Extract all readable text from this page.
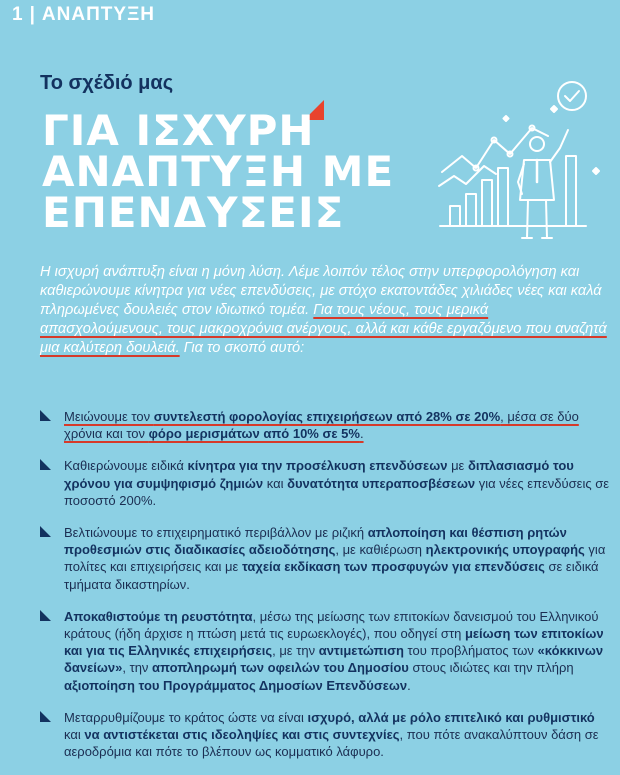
1 | ΑΝΑΠΤΥΞΗ
Το σχέδιό μας
ΓΙΑ ΙΣΧΥΡΗ
ΑΝΑΠΤΥΞΗ ΜΕ
ΕΠΕΝΔΥΣΕΙΣ
Η ισχυρή ανάπτυξη είναι η μόνη λύση. Λέμε λοιπόν τέλος στην υπερφορολόγηση και καθιερώνουμε κίνητρα για νέες επενδύσεις, με στόχο εκατοντάδες χιλιάδες νέες και καλά πληρωμένες δουλειές στον ιδιωτικό τομέα. Για τους νέους, τους μερικά απασχολούμενους, τους μακροχρόνια ανέργους, αλλά και κάθε εργαζόμενο που αναζητά μια καλύτερη δουλειά. Για το σκοπό αυτό:
Μειώνουμε τον συντελεστή φορολογίας επιχειρήσεων από 28% σε 20%, μέσα σε δύο χρόνια και τον φόρο μερισμάτων από 10% σε 5%.
Καθιερώνουμε ειδικά κίνητρα για την προσέλκυση επενδύσεων με διπλασιασμό του χρόνου για συμψηφισμό ζημιών και δυνατότητα υπεραποσβέσεων για νέες επενδύσεις σε ποσοστό 200%.
Βελτιώνουμε το επιχειρηματικό περιβάλλον με ριζική απλοποίηση και θέσπιση ρητών προθεσμιών στις διαδικασίες αδειοδότησης, με καθιέρωση ηλεκτρονικής υπογραφής για πολίτες και επιχειρήσεις και με ταχεία εκδίκαση των προσφυγών για επενδύσεις σε ειδικά τμήματα δικαστηρίων.
Αποκαθιστούμε τη ρευστότητα, μέσω της μείωσης των επιτοκίων δανεισμού του Ελληνικού κράτους (ήδη άρχισε η πτώση μετά τις ευρωεκλογές), που οδηγεί στη μείωση των επιτοκίων και για τις Ελληνικές επιχειρήσεις, με την αντιμετώπιση του προβλήματος των «κόκκινων δανείων», την αποπληρωμή των οφειλών του Δημοσίου στους ιδιώτες και την πλήρη αξιοποίηση του Προγράμματος Δημοσίων Επενδύσεων.
Μεταρρυθμίζουμε το κράτος ώστε να είναι ισχυρό, αλλά με ρόλο επιτελικό και ρυθμιστικό και να αντιστέκεται στις ιδεοληψίες και στις συντεχνίες, που πότε ανακαλύπτουν δάση σε αεροδρόμια και πότε το βλέπουν ως κομματικό λάφυρο.
